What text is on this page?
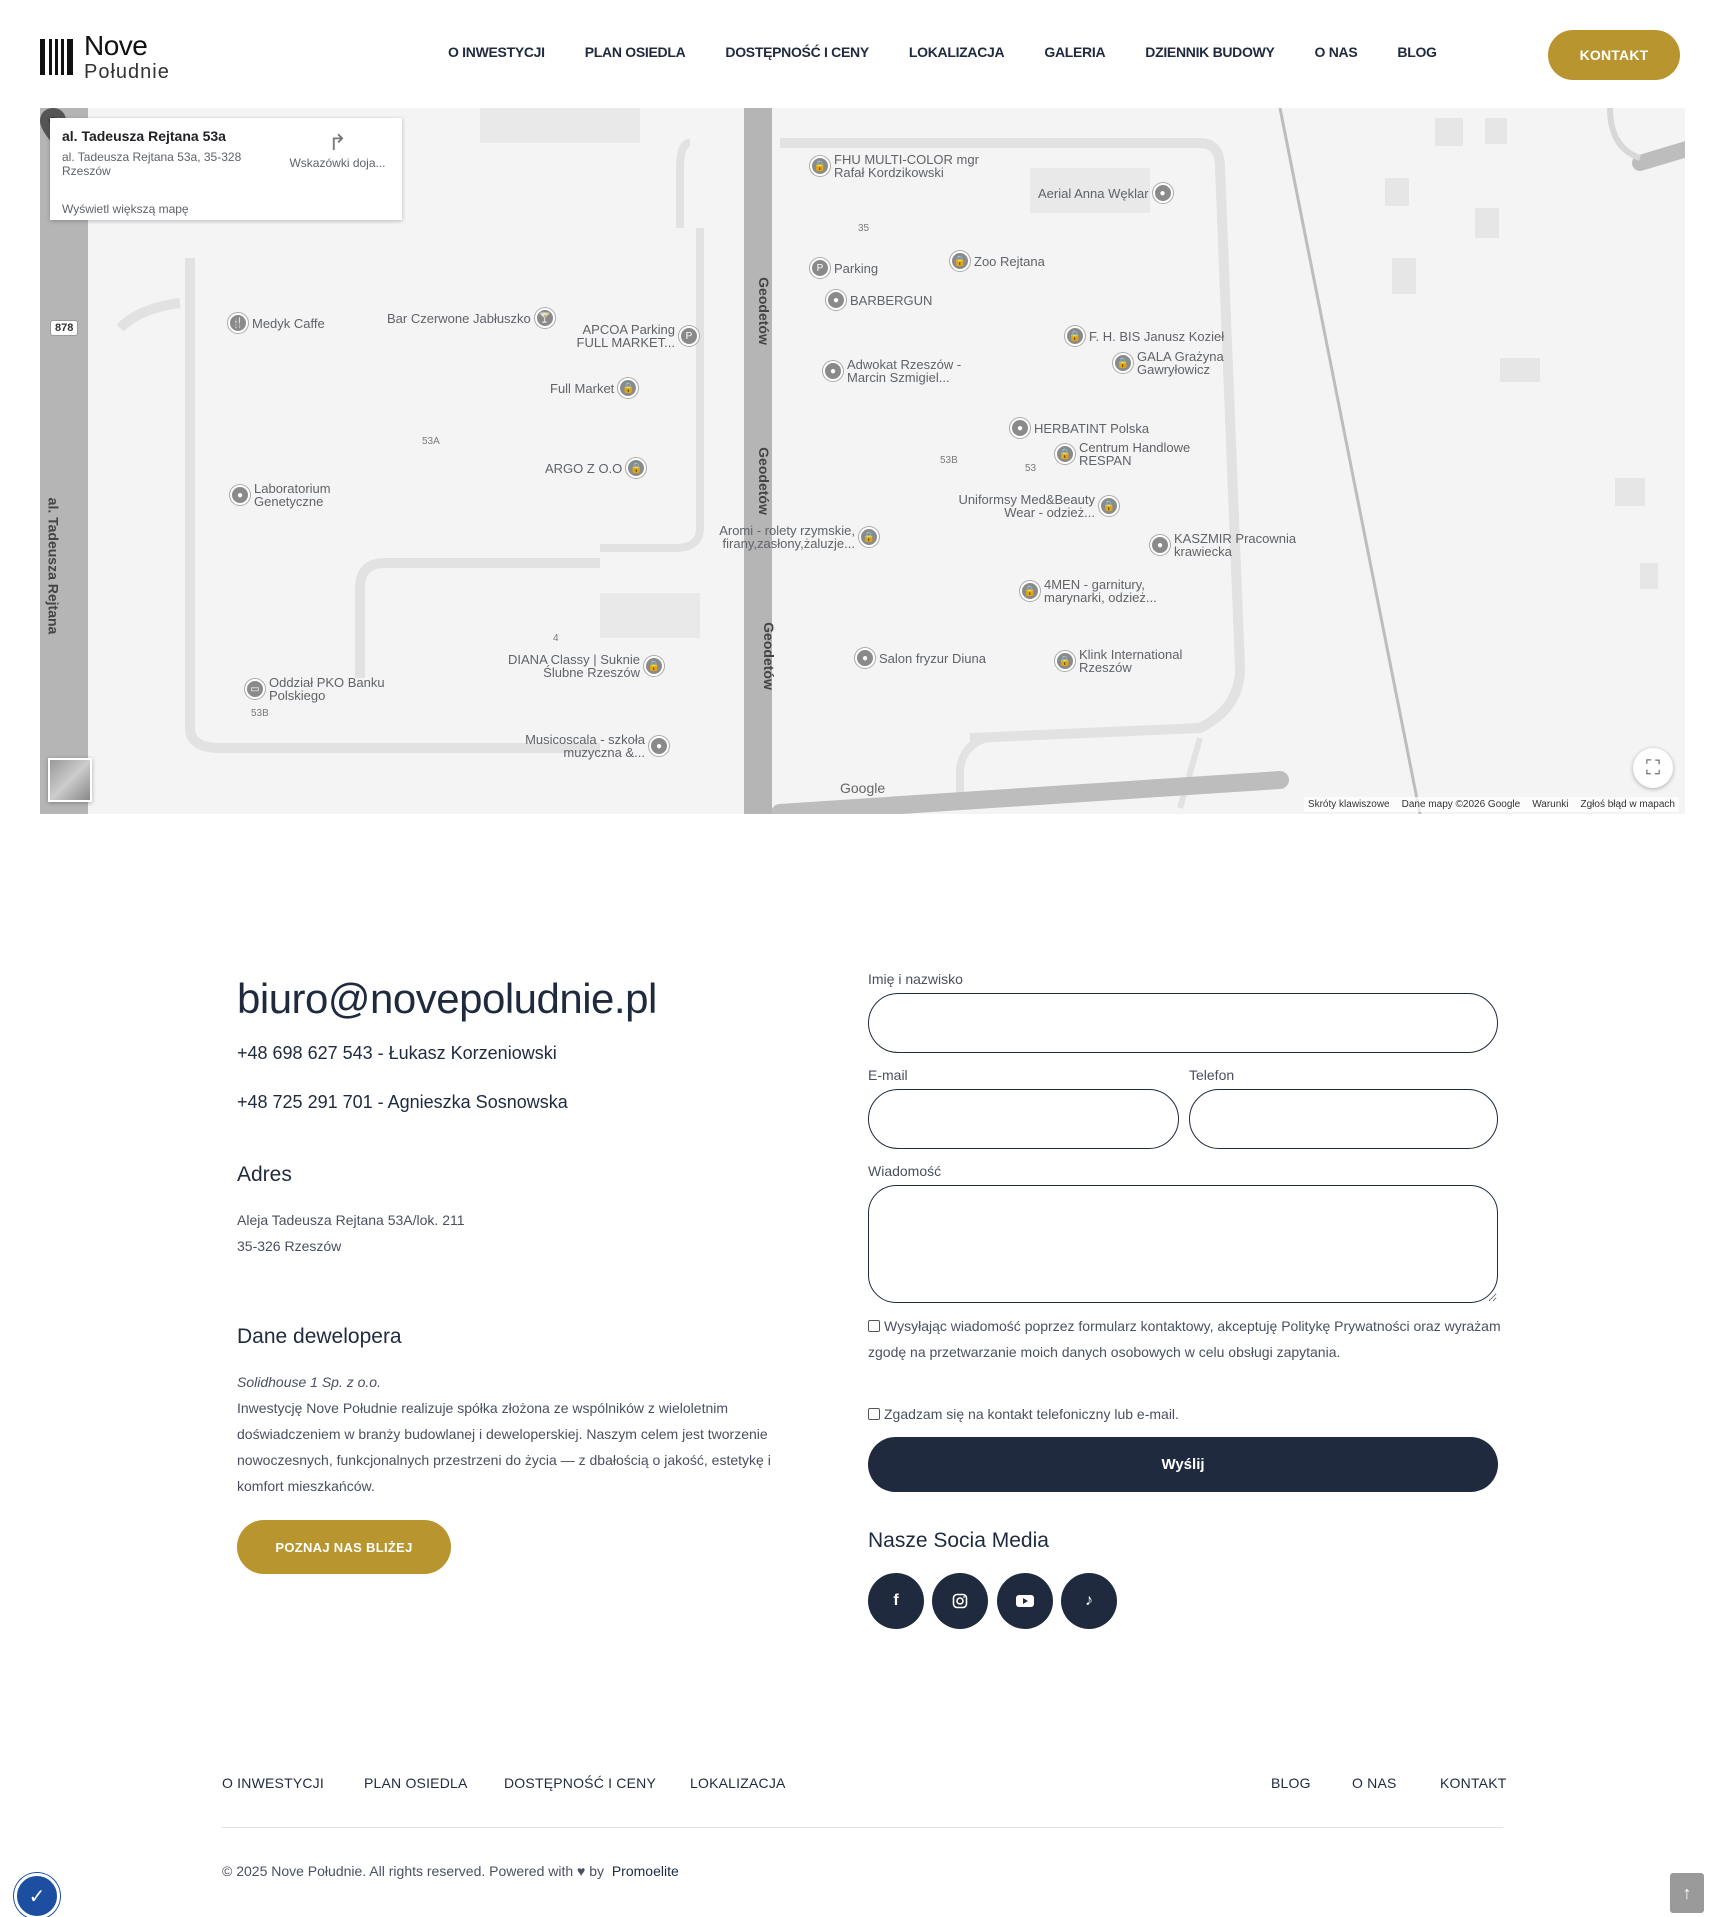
Nove
Południe
O INWESTYCJI	PLAN OSIEDLA	DOSTĘPNOŚĆ I CENY	LOKALIZACJA	GALERIA	DZIENNIK BUDOWY	O NAS	BLOG	KONTAKT
878
al. Tadeusza Rejtana
Geodetów
Geodetów
Geodetów
35
53A
53B
53
4
53B
🔒 FHU MULTI-COLOR mgr Rafał Kordzikowski
Aerial Anna Węklar	●
P Parking	🔒 Zoo Rejtana
● BARBERGUN
🍴 Medyk Caffe	Bar Czerwone Jabłuszko 🍸
APCOA Parking FULL MARKET...	P	🔒 F. H. BIS Janusz Kozieł
🔒 GALA Grażyna Gawryłowicz
● Adwokat Rzeszów - Marcin Szmigiel...
Full Market 🔒
● HERBATINT Polska
🔒 Centrum Handlowe RESPAN
ARGO Z O.O 🔒
● Laboratorium Genetyczne	Uniformsy Med&Beauty Wear - odzież... 🔒
Aromi - rolety rzymskie, firany,zasłony,żaluzje... 🔒
● KASZMIR Pracownia krawiecka
🔒 4MEN - garnitury, marynarki, odzież...
DIANA Classy | Suknie Ślubne Rzeszów 🔒
● Salon fryzur Diuna	🔒 Klink International Rzeszów
▭ Oddział PKO Banku Polskiego
Musicoscala - szkoła muzyczna &...	●
al. Tadeusza Rejtana 53a
al. Tadeusza Rejtana 53a, 35-328 Rzeszów
Wyświetl większą mapę
↱
Wskazówki doja...
Google
⛶
Skróty klawiszowe Dane mapy ©2026 Google Warunki Zgłoś błąd w mapach
biuro@novepoludnie.pl
+48 698 627 543 - Łukasz Korzeniowski
+48 725 291 701 - Agnieszka Sosnowska
Adres
Aleja Tadeusza Rejtana 53A/lok. 211
35-326 Rzeszów
Dane dewelopera
Solidhouse 1 Sp. z o.o.
Inwestycję Nove Południe realizuje spółka złożona ze wspólników z wieloletnim doświadczeniem w branży budowlanej i deweloperskiej. Naszym celem jest tworzenie nowoczesnych, funkcjonalnych przestrzeni do życia — z dbałością o jakość, estetykę i komfort mieszkańców.
POZNAJ NAS BLIŻEJ
Imię i nazwisko
E-mail	Telefon
Wiadomość
Wysyłając wiadomość poprzez formularz kontaktowy, akceptuję Politykę Prywatności oraz wyrażam zgodę na przetwarzanie moich danych osobowych w celu obsługi zapytania.
Zgadzam się na kontakt telefoniczny lub e-mail.
Wyślij
Nasze Socia Media
f	♪
O INWESTYCJI	PLAN OSIEDLA	DOSTĘPNOŚĆ I CENY LOKALIZACJA	BLOG	O NAS	KONTAKT
© 2025 Nove Południe. All rights reserved. Powered with ♥ by Promoelite
✓	↑
